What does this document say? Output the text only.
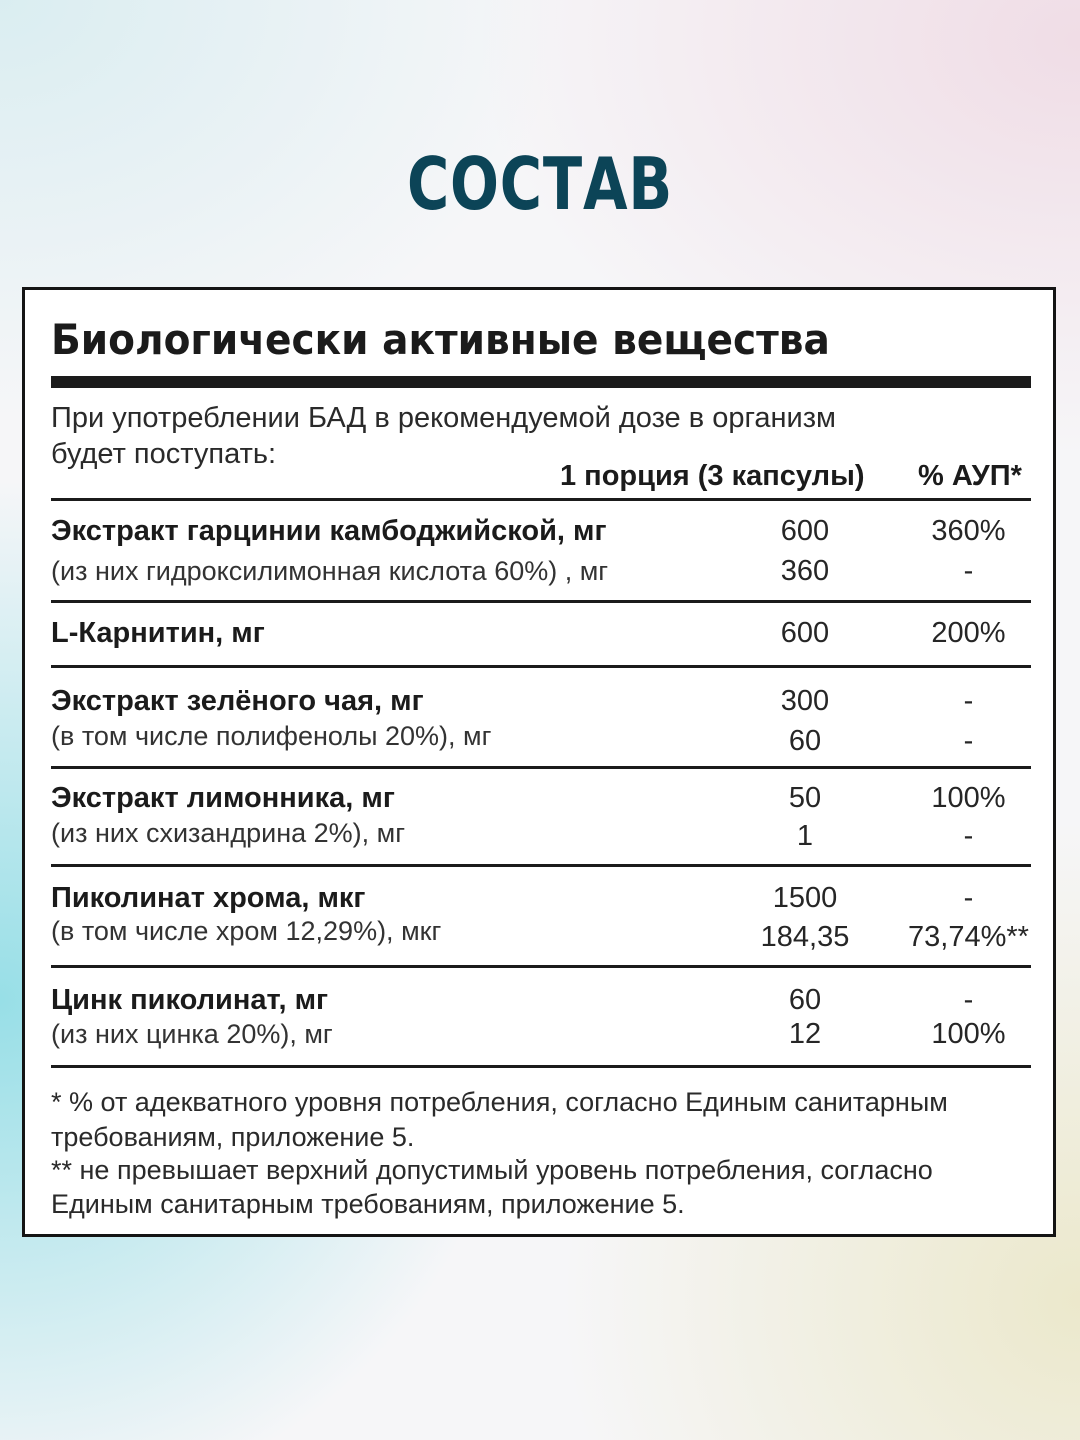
СОСТАВ
Биологически активные вещества

При употреблении БАД в рекомендуемой дозе в организм
будет поступать:

1 порция (3 капсулы) % АУП*
Экстракт гарцинии камбоджийской, мг	600	360%
(из них гидроксилимонная кислота 60%) , мг	360	-
L-Карнитин, мг	600	200%
Экстракт зелёного чая, мг	300	-
(в том числе полифенолы 20%), мг	60	-
Экстракт лимонника, мг	50	100%
(из них схизандрина 2%), мг	1	-
Пиколинат хрома, мкг	1500	-
(в том числе хром 12,29%), мкг	184,35	73,74%**
Цинк пиколинат, мг	60	-
(из них цинка 20%), мг	12	100%
* % от адекватного уровня потребления, согласно Единым санитарным
требованиям, приложение 5.
** не превышает верхний допустимый уровень потребления, согласно
Единым санитарным требованиям, приложение 5.
